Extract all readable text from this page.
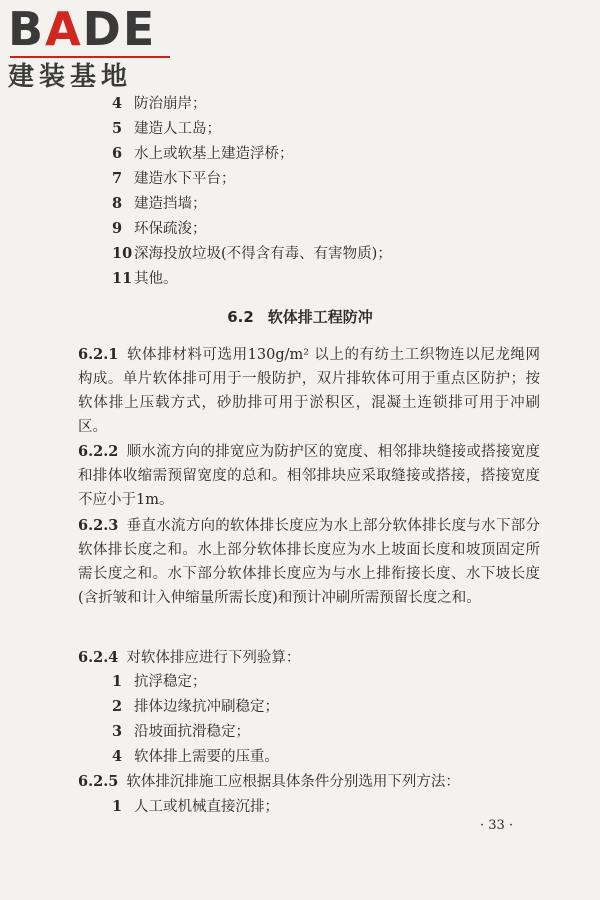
BADE
建装基地
4 防治崩岸；
5 建造人工岛；
6 水上或软基上建造浮桥；
7 建造水下平台；
8 建造挡墙；
9 环保疏浚；
10 深海投放垃圾(不得含有毒、有害物质)；
11 其他。
6.2 软体排工程防冲
6.2.1 软体排材料可选用130g/m² 以上的有纺土工织物连以尼龙绳网构成。单片软体排可用于一般防护，双片排软体可用于重点区防护；按软体排上压载方式，砂肋排可用于淤积区，混凝土连锁排可用于冲刷区。
6.2.2 顺水流方向的排宽应为防护区的宽度、相邻排块缝接或搭接宽度和排体收缩需预留宽度的总和。相邻排块应采取缝接或搭接，搭接宽度不应小于1m。
6.2.3 垂直水流方向的软体排长度应为水上部分软体排长度与水下部分软体排长度之和。水上部分软体排长度应为水上坡面长度和坡顶固定所需长度之和。水下部分软体排长度应为与水上排衔接长度、水下坡长度(含折皱和计入伸缩量所需长度)和预计冲刷所需预留长度之和。
6.2.4 对软体排应进行下列验算：
1 抗浮稳定；
2 排体边缘抗冲刷稳定；
3 沿坡面抗滑稳定；
4 软体排上需要的压重。
6.2.5 软体排沉排施工应根据具体条件分别选用下列方法：
1 人工或机械直接沉排；
· 33 ·
